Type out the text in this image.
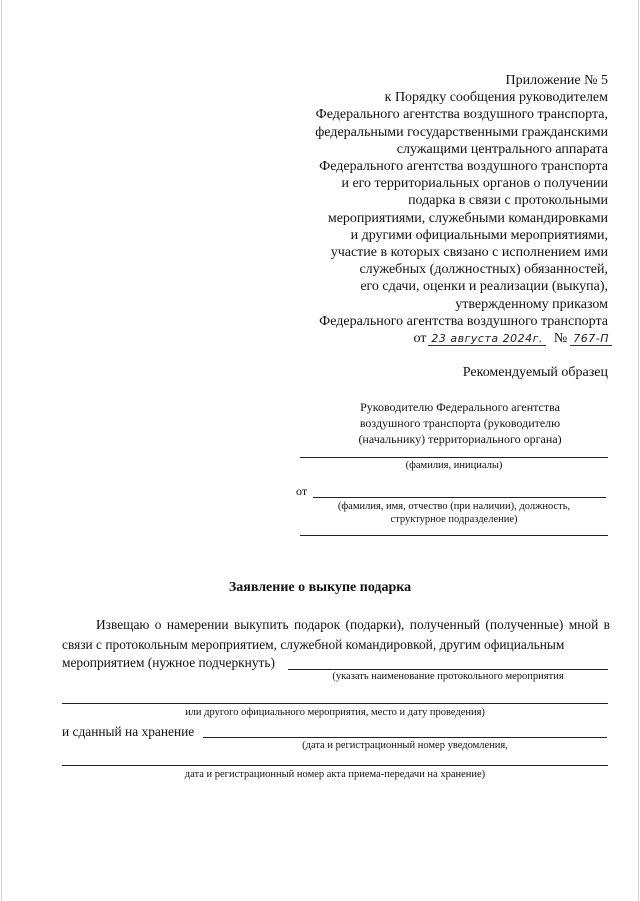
Приложение № 5
к Порядку сообщения руководителем
Федерального агентства воздушного транспорта,
федеральными государственными гражданскими
служащими центрального аппарата
Федерального агентства воздушного транспорта
и его территориальных органов о получении
подарка в связи с протокольными
мероприятиями, служебными командировками
и другими официальными мероприятиями,
участие в которых связано с исполнением ими
служебных (должностных) обязанностей,
его сдачи, оценки и реализации (выкупа),
утвержденному приказом
Федерального агентства воздушного транспорта
от 23 августа 2024г. № 767-П
Рекомендуемый образец
Руководителю Федерального агентства
воздушного транспорта (руководителю
(начальнику) территориального органа)
(фамилия, инициалы)
от
(фамилия, имя, отчество (при наличии), должность,
структурное подразделение)
Заявление о выкупе подарка
Извещаю о намерении выкупить подарок (подарки), полученный (полученные) мной в связи с протокольным мероприятием, служебной командировкой, другим официальным
мероприятием (нужное подчеркнуть)
(указать наименование протокольного мероприятия
или другого официального мероприятия, место и дату проведения)
и сданный на хранение
(дата и регистрационный номер уведомления,
дата и регистрационный номер акта приема-передачи на хранение)
